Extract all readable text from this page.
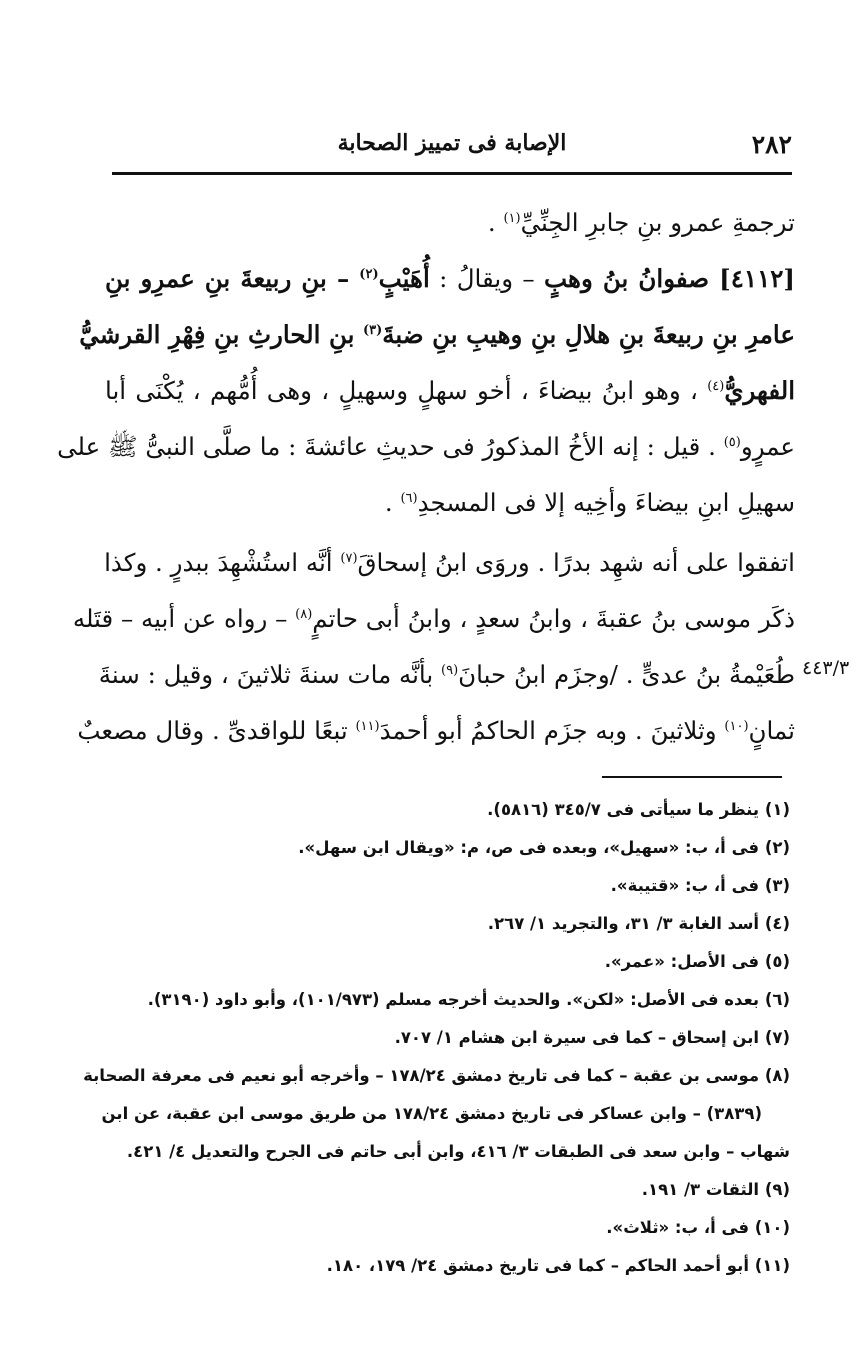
٢٨٢
الإصابة فى تمييز الصحابة
ترجمةِ عمرو بنِ جابرِ الجِنِّيِّ$^{(١)}$ .
[٤١١٢] صفوانُ بنُ وهبٍ – ويقالُ : أُهَيْبٍ$^{(٢)}$ – بنِ ربيعةَ بنِ عمرِو بنِ
عامرِ بنِ ربيعةَ بنِ هلالِ بنِ وهيبِ بنِ ضبةَ$^{(٣)}$ بنِ الحارثِ بنِ فِهْرِ القرشيُّ
الفهريُّ$^{(٤)}$ ، وهو ابنُ بيضاءَ ، أخو سهلٍ وسهيلٍ ، وهى أُمُّهم ، يُكْنَى أبا
عمرٍو$^{(٥)}$ . قيل : إنه الأخُ المذكورُ فى حديثِ عائشةَ : ما صلَّى النبىُّ ﷺ على
سهيلِ ابنِ بيضاءَ وأخِيه إلا فى المسجدِ$^{(٦)}$ .
اتفقوا على أنه شهِد بدرًا . وروَى ابنُ إسحاقَ$^{(٧)}$ أنَّه استُشْهِدَ ببدرٍ . وكذا
ذكَر موسى بنُ عقبةَ ، وابنُ سعدٍ ، وابنُ أبى حاتمٍ$^{(٨)}$ – رواه عن أبيه – قتَله
طُعَيْمةُ بنُ عدىٍّ . /وجزَم ابنُ حبانَ$^{(٩)}$ بأنَّه مات سنةَ ثلاثينَ ، وقيل : سنةَ
ثمانٍ$^{(١٠)}$ وثلاثينَ . وبه جزَم الحاكمُ أبو أحمدَ$^{(١١)}$ تبعًا للواقدىِّ . وقال مصعبٌ
٤٤٣/٣
(١) ينظر ما سيأتى فى ٣٤٥/٧ (٥٨١٦).
(٢) فى أ، ب: «سهيل»، وبعده فى ص، م: «ويقال ابن سهل».
(٣) فى أ، ب: «قتيبة».
(٤) أسد الغابة ٣/ ٣١، والتجريد ١/ ٢٦٧.
(٥) فى الأصل: «عمر».
(٦) بعده فى الأصل: «لكن». والحديث أخرجه مسلم (١٠١/٩٧٣)، وأبو داود (٣١٩٠).
(٧) ابن إسحاق – كما فى سيرة ابن هشام ١/ ٧٠٧.
(٨) موسى بن عقبة – كما فى تاريخ دمشق ١٧٨/٢٤ – وأخرجه أبو نعيم فى معرفة الصحابة
(٣٨٣٩) – وابن عساكر فى تاريخ دمشق ١٧٨/٢٤ من طريق موسى ابن عقبة، عن ابن
شهاب – وابن سعد فى الطبقات ٣/ ٤١٦، وابن أبى حاتم فى الجرح والتعديل ٤/ ٤٢١.
(٩) الثقات ٣/ ١٩١.
(١٠) فى أ، ب: «ثلاث».
(١١) أبو أحمد الحاكم – كما فى تاريخ دمشق ٢٤/ ١٧٩، ١٨٠.
